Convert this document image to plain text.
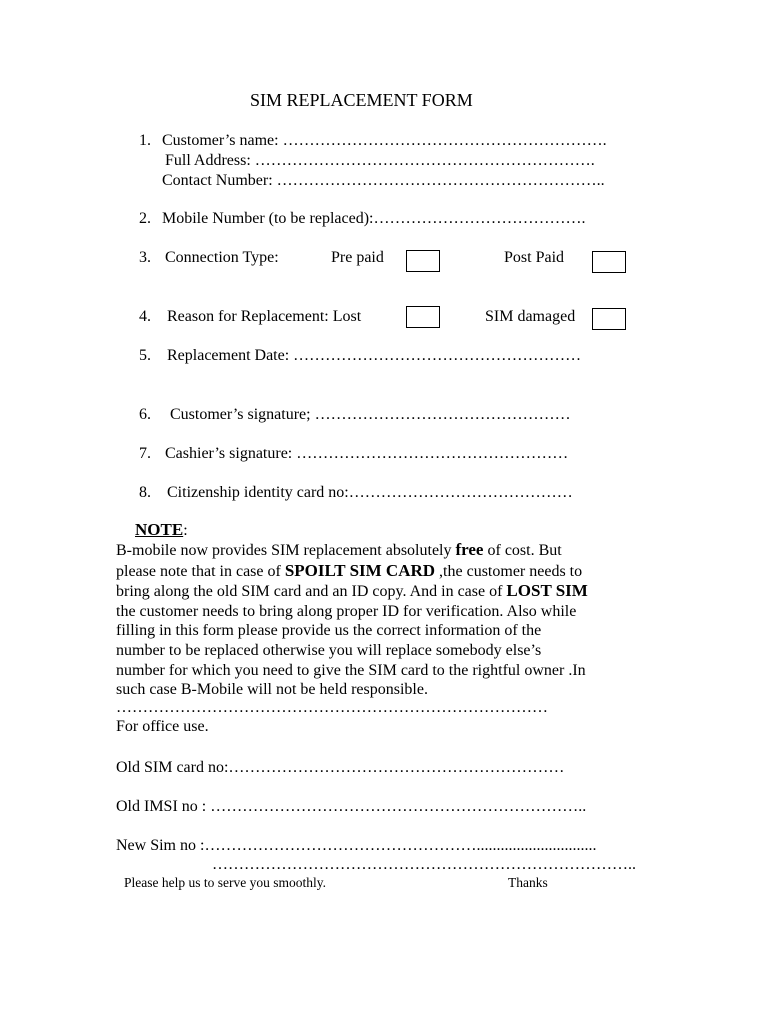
SIM REPLACEMENT FORM
1. Customer’s name: …………………………………………………….
Full Address: ……………………………………………………….
Contact Number: ……………………………………………………..
2. Mobile Number (to be replaced):………………………………….
3. Connection Type:	Pre paid	Post Paid
4. Reason for Replacement: Lost	SIM damaged
5. Replacement Date: ………………………………………………
6. Customer’s signature; …………………………………………
7. Cashier’s signature: ……………………………………………
8. Citizenship identity card no:……………………………………
NOTE:
B-mobile now provides SIM replacement absolutely free of cost. But
please note that in case of SPOILT SIM CARD ,the customer needs to
bring along the old SIM card and an ID copy. And in case of LOST SIM
the customer needs to bring along proper ID for verification. Also while
filling in this form please provide us the correct information of the
number to be replaced otherwise you will replace somebody else’s
number for which you need to give the SIM card to the rightful owner .In
such case B-Mobile will not be held responsible.
………………………………………………………………………
For office use.
Old SIM card no:………………………………………………………
Old IMSI no : ……………………………………………………………..
New Sim no :……………………………………………..............................
……………………………………………………………………..
Please help us to serve you smoothly.	Thanks
